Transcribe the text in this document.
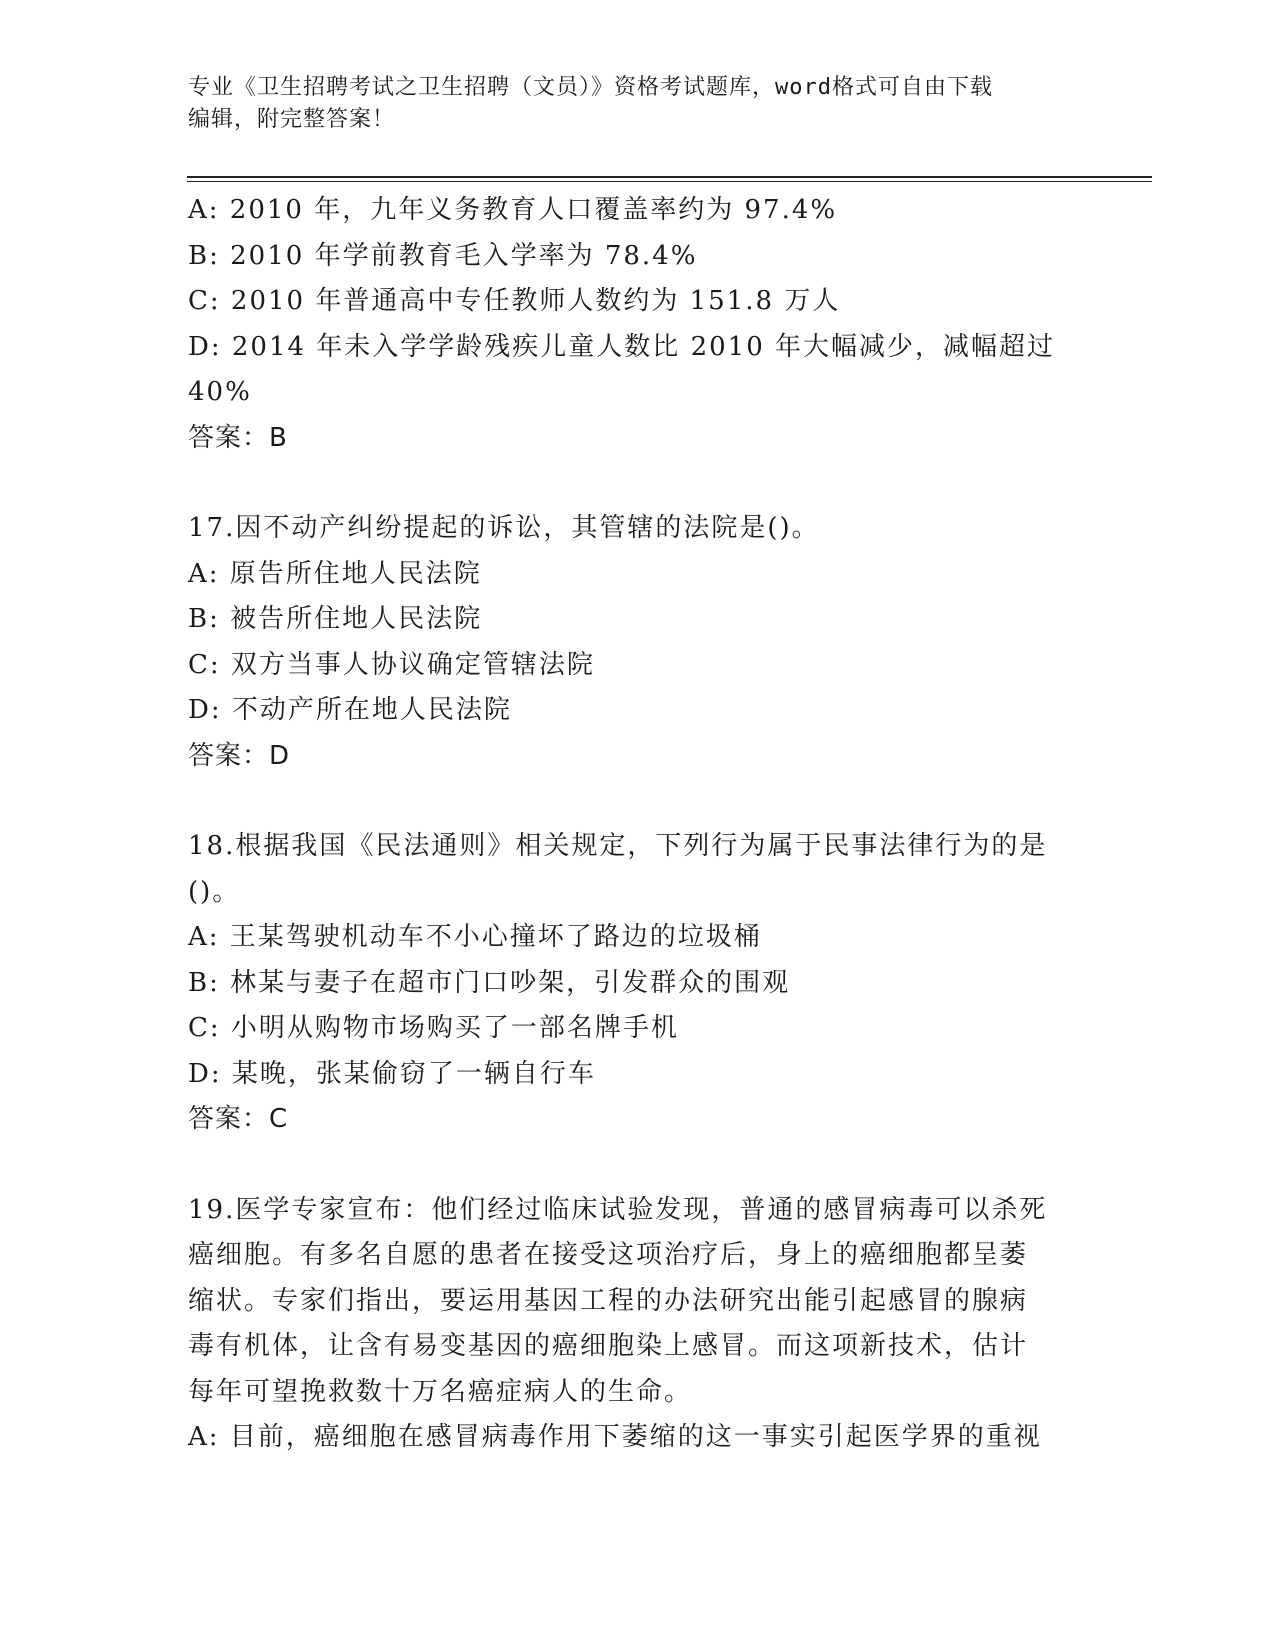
专业《卫生招聘考试之卫生招聘（文员）》资格考试题库，word格式可自由下载
编辑，附完整答案！
A: 2010 年，九年义务教育人口覆盖率约为 97.4%
B: 2010 年学前教育毛入学率为 78.4%
C: 2010 年普通高中专任教师人数约为 151.8 万人
D: 2014 年未入学学龄残疾儿童人数比 2010 年大幅减少，减幅超过
40%
答案：B
17.因不动产纠纷提起的诉讼，其管辖的法院是()。
A: 原告所住地人民法院
B: 被告所住地人民法院
C: 双方当事人协议确定管辖法院
D: 不动产所在地人民法院
答案：D
18.根据我国《民法通则》相关规定，下列行为属于民事法律行为的是
()。
A: 王某驾驶机动车不小心撞坏了路边的垃圾桶
B: 林某与妻子在超市门口吵架，引发群众的围观
C: 小明从购物市场购买了一部名牌手机
D: 某晚，张某偷窃了一辆自行车
答案：C
19.医学专家宣布：他们经过临床试验发现，普通的感冒病毒可以杀死
癌细胞。有多名自愿的患者在接受这项治疗后，身上的癌细胞都呈萎
缩状。专家们指出，要运用基因工程的办法研究出能引起感冒的腺病
毒有机体，让含有易变基因的癌细胞染上感冒。而这项新技术，估计
每年可望挽救数十万名癌症病人的生命。
A: 目前，癌细胞在感冒病毒作用下萎缩的这一事实引起医学界的重视
